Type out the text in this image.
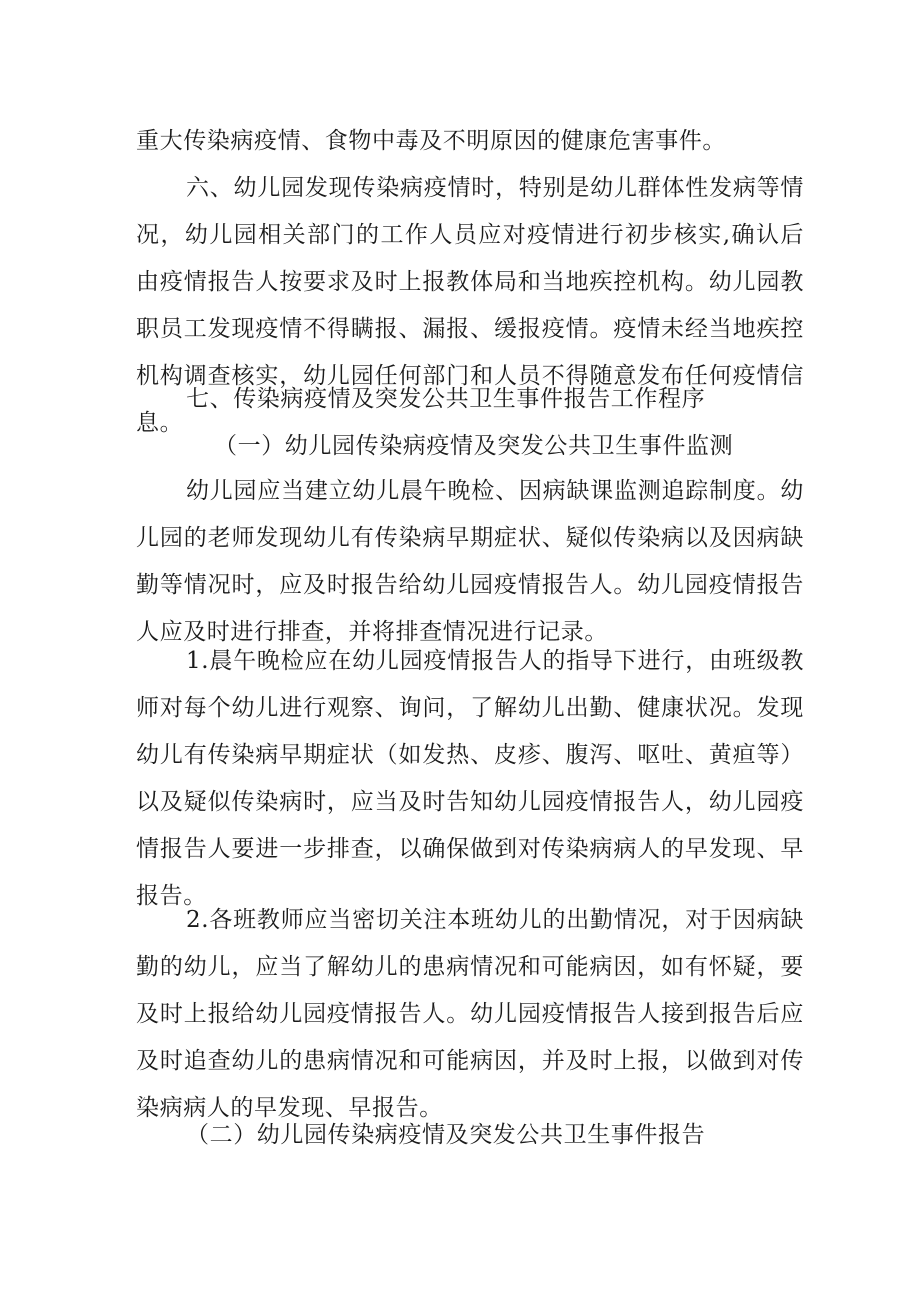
重大传染病疫情、食物中毒及不明原因的健康危害事件。

六、幼儿园发现传染病疫情时，特别是幼儿群体性发病等情况，幼儿园相关部门的工作人员应对疫情进行初步核实,确认后由疫情报告人按要求及时上报教体局和当地疾控机构。幼儿园教职员工发现疫情不得瞒报、漏报、缓报疫情。疫情未经当地疾控机构调查核实，幼儿园任何部门和人员不得随意发布任何疫情信息。

七、传染病疫情及突发公共卫生事件报告工作程序

（一）幼儿园传染病疫情及突发公共卫生事件监测

幼儿园应当建立幼儿晨午晚检、因病缺课监测追踪制度。幼儿园的老师发现幼儿有传染病早期症状、疑似传染病以及因病缺勤等情况时，应及时报告给幼儿园疫情报告人。幼儿园疫情报告人应及时进行排查，并将排查情况进行记录。

1.晨午晚检应在幼儿园疫情报告人的指导下进行，由班级教师对每个幼儿进行观察、询问，了解幼儿出勤、健康状况。发现幼儿有传染病早期症状（如发热、皮疹、腹泻、呕吐、黄疸等）以及疑似传染病时，应当及时告知幼儿园疫情报告人，幼儿园疫情报告人要进一步排查，以确保做到对传染病病人的早发现、早报告。

2.各班教师应当密切关注本班幼儿的出勤情况，对于因病缺勤的幼儿，应当了解幼儿的患病情况和可能病因，如有怀疑，要及时上报给幼儿园疫情报告人。幼儿园疫情报告人接到报告后应及时追查幼儿的患病情况和可能病因，并及时上报，以做到对传染病病人的早发现、早报告。

（二）幼儿园传染病疫情及突发公共卫生事件报告
